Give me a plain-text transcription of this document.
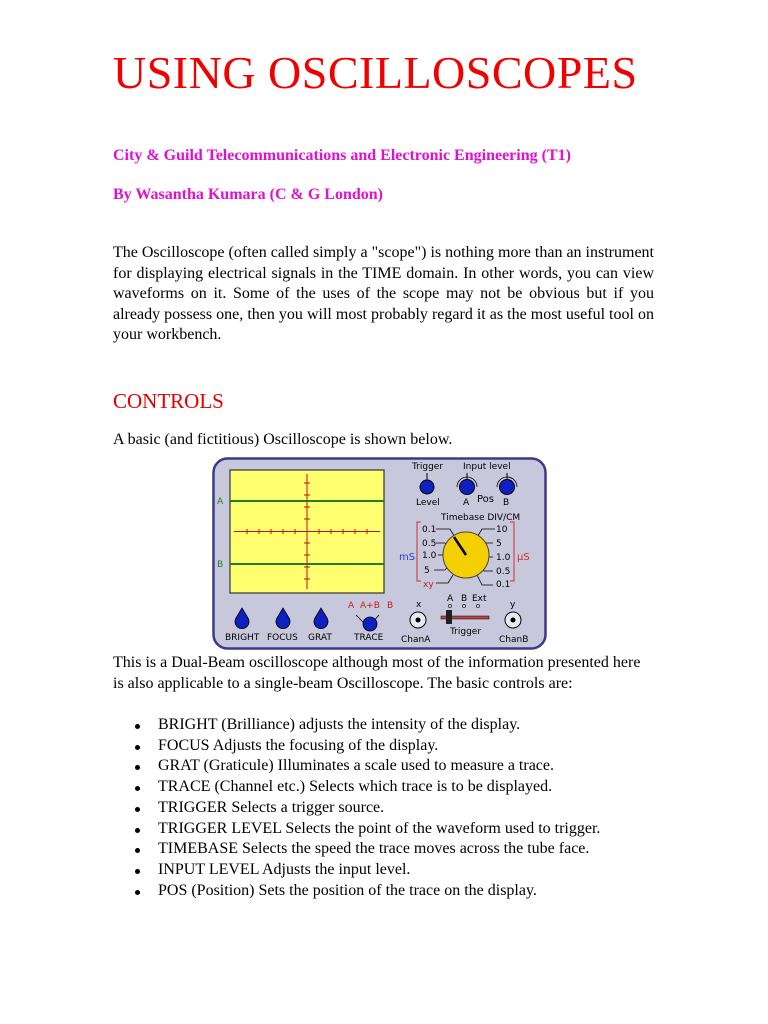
USING OSCILLOSCOPES
City & Guild Telecommunications and Electronic Engineering (T1)
By Wasantha Kumara (C & G London)

The Oscilloscope (often called simply a "scope") is nothing more than an instrument for displaying electrical signals in the TIME domain. In other words, you can view waveforms on it. Some of the uses of the scope may not be obvious but if you already possess one, then you will most probably regard it as the most useful tool on your workbench.

CONTROLS

A basic (and fictitious) Oscilloscope is shown below.

A
B
Trigger
Level
Input level
A Pos B
Timebase DIV/CM
mS	µS
0.1
0.5
1.0
5
xy
10
5
1.0
0.5
0.1
BRIGHT FOCUS GRAT
A A+B B
TRACE
x
ChanA
A B Ext
Trigger
y
ChanB

This is a Dual-Beam oscilloscope although most of the information presented here is also applicable to a single-beam Oscilloscope. The basic controls are:

BRIGHT (Brilliance) adjusts the intensity of the display.
FOCUS Adjusts the focusing of the display.
GRAT (Graticule) Illuminates a scale used to measure a trace.
TRACE (Channel etc.) Selects which trace is to be displayed.
TRIGGER Selects a trigger source.
TRIGGER LEVEL Selects the point of the waveform used to trigger.
TIMEBASE Selects the speed the trace moves across the tube face.
INPUT LEVEL Adjusts the input level.
POS (Position) Sets the position of the trace on the display.
